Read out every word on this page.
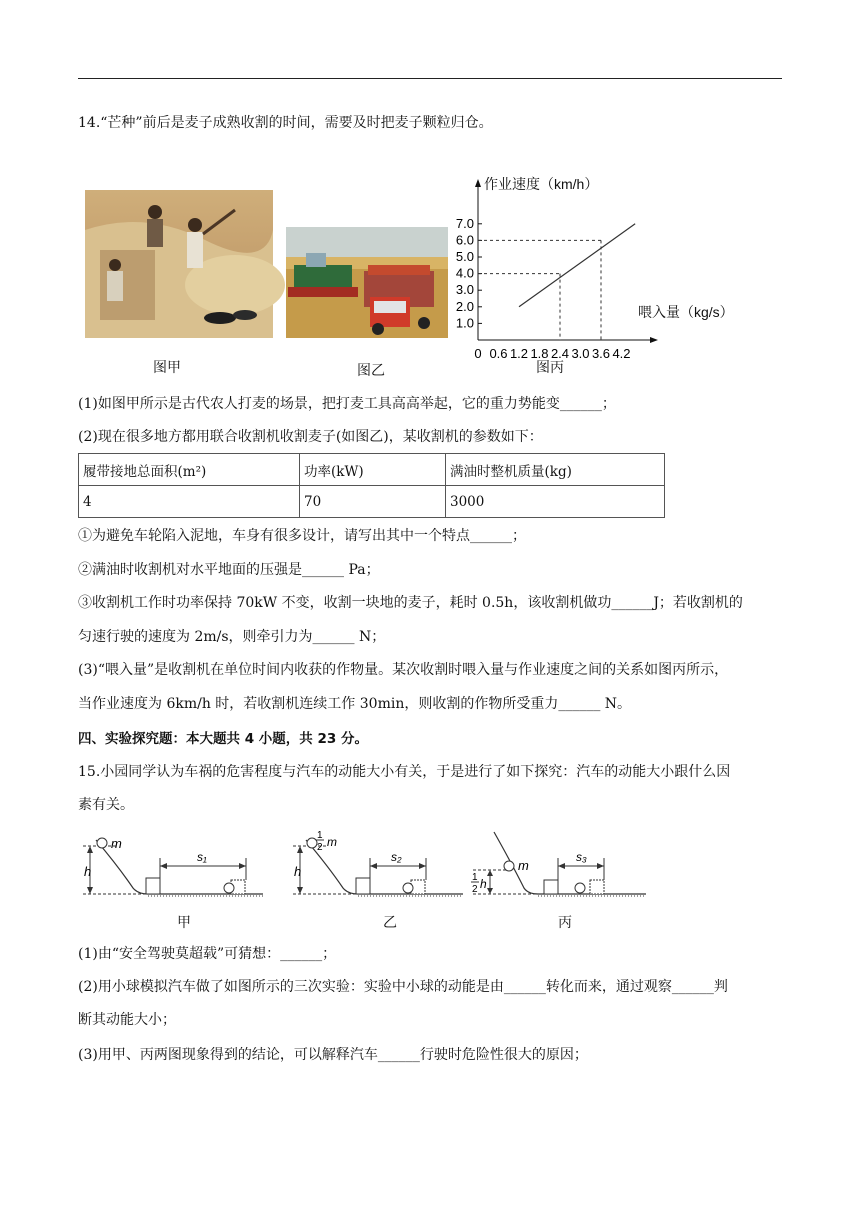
14.“芒种”前后是麦子成熟收割的时间，需要及时把麦子颗粒归仓。
图甲	图乙
作业速度（km/h）
喂入量（kg/s）
1.0
2.0
3.0
4.0
5.0
6.0
7.0
0 0.6 1.2 1.8 2.4 3.0 3.6 4.2
图丙
(1)如图甲所示是古代农人打麦的场景，把打麦工具高高举起，它的重力势能变______；
(2)现在很多地方都用联合收割机收割麦子(如图乙)，某收割机的参数如下：
履带接地总面积(m²)	功率(kW)	满油时整机质量(kg)
4	70	3000
①为避免车轮陷入泥地，车身有很多设计，请写出其中一个特点______；
②满油时收割机对水平地面的压强是______ Pa；
③收割机工作时功率保持 70kW 不变，收割一块地的麦子，耗时 0.5h，该收割机做功______J；若收割机的
匀速行驶的速度为 2m/s，则牵引力为______ N；
(3)“喂入量”是收割机在单位时间内收获的作物量。某次收割时喂入量与作业速度之间的关系如图丙所示，
当作业速度为 6km/h 时，若收割机连续工作 30min，则收割的作物所受重力______ N。
四、实验探究题：本大题共 4 小题，共 23 分。
15.小园同学认为车祸的危害程度与汽车的动能大小有关，于是进行了如下探究：汽车的动能大小跟什么因
素有关。
h
m
s₁
甲
h
1
2 m
s₂
乙
1
2 h
m
s₃
丙
(1)由“安全驾驶莫超载”可猜想：______；
(2)用小球模拟汽车做了如图所示的三次实验：实验中小球的动能是由______转化而来，通过观察______判
断其动能大小；
(3)用甲、丙两图现象得到的结论，可以解释汽车______行驶时危险性很大的原因；
